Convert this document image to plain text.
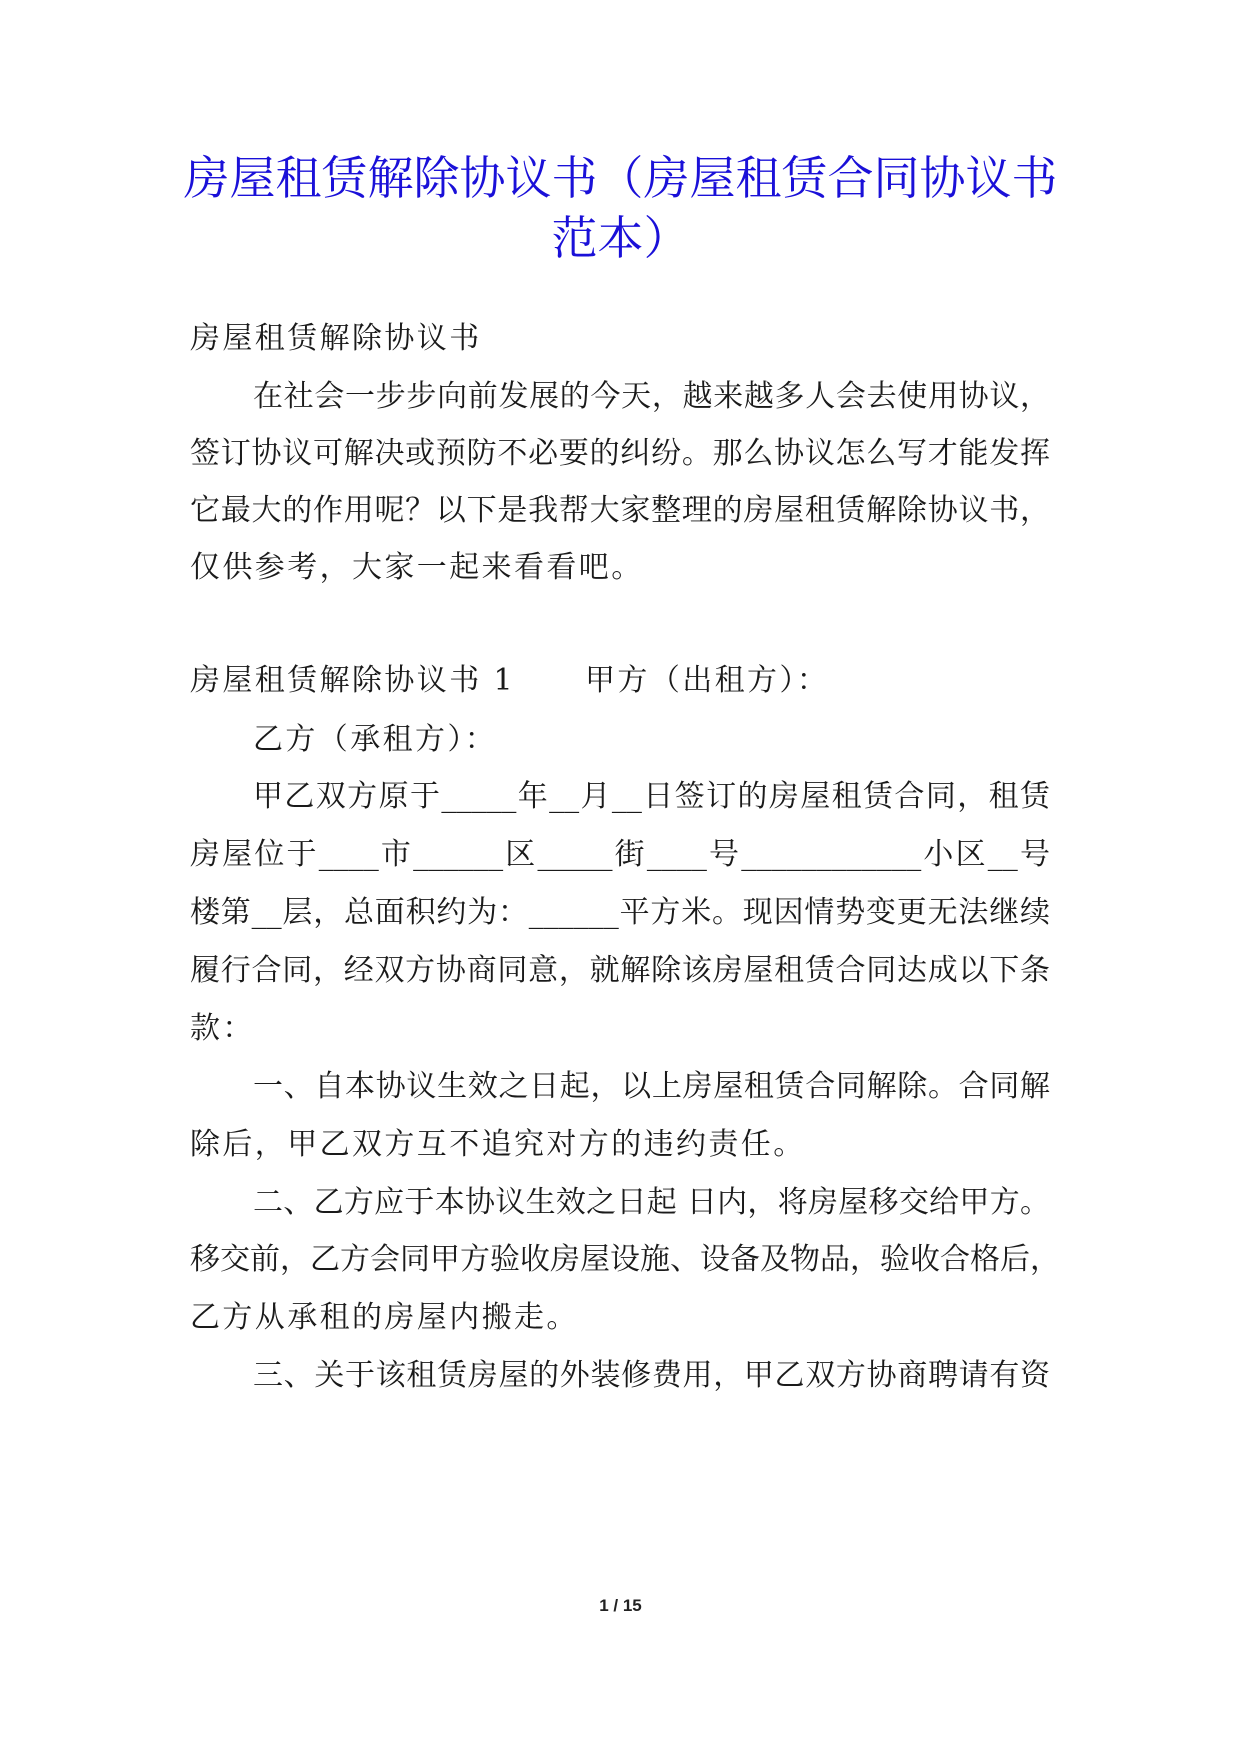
房屋租赁解除协议书（房屋租赁合同协议书
范本）
房屋租赁解除协议书
在社会一步步向前发展的今天，越来越多人会去使用协议，
签订协议可解决或预防不必要的纠纷。那么协议怎么写才能发挥
它最大的作用呢？以下是我帮大家整理的房屋租赁解除协议书，
仅供参考，大家一起来看看吧。
房屋租赁解除协议书 1 甲方（出租方）：
乙方（承租方）：
甲乙双方原于_____年__月__日签订的房屋租赁合同，租赁
房屋位于____市______区_____街____号____________小区__号
楼第__层，总面积约为：______平方米。现因情势变更无法继续
履行合同，经双方协商同意，就解除该房屋租赁合同达成以下条
款：
一、自本协议生效之日起，以上房屋租赁合同解除。合同解
除后，甲乙双方互不追究对方的违约责任。
二、乙方应于本协议生效之日起 日内，将房屋移交给甲方。
移交前，乙方会同甲方验收房屋设施、设备及物品，验收合格后，
乙方从承租的房屋内搬走。
三、关于该租赁房屋的外装修费用，甲乙双方协商聘请有资
1 / 15
